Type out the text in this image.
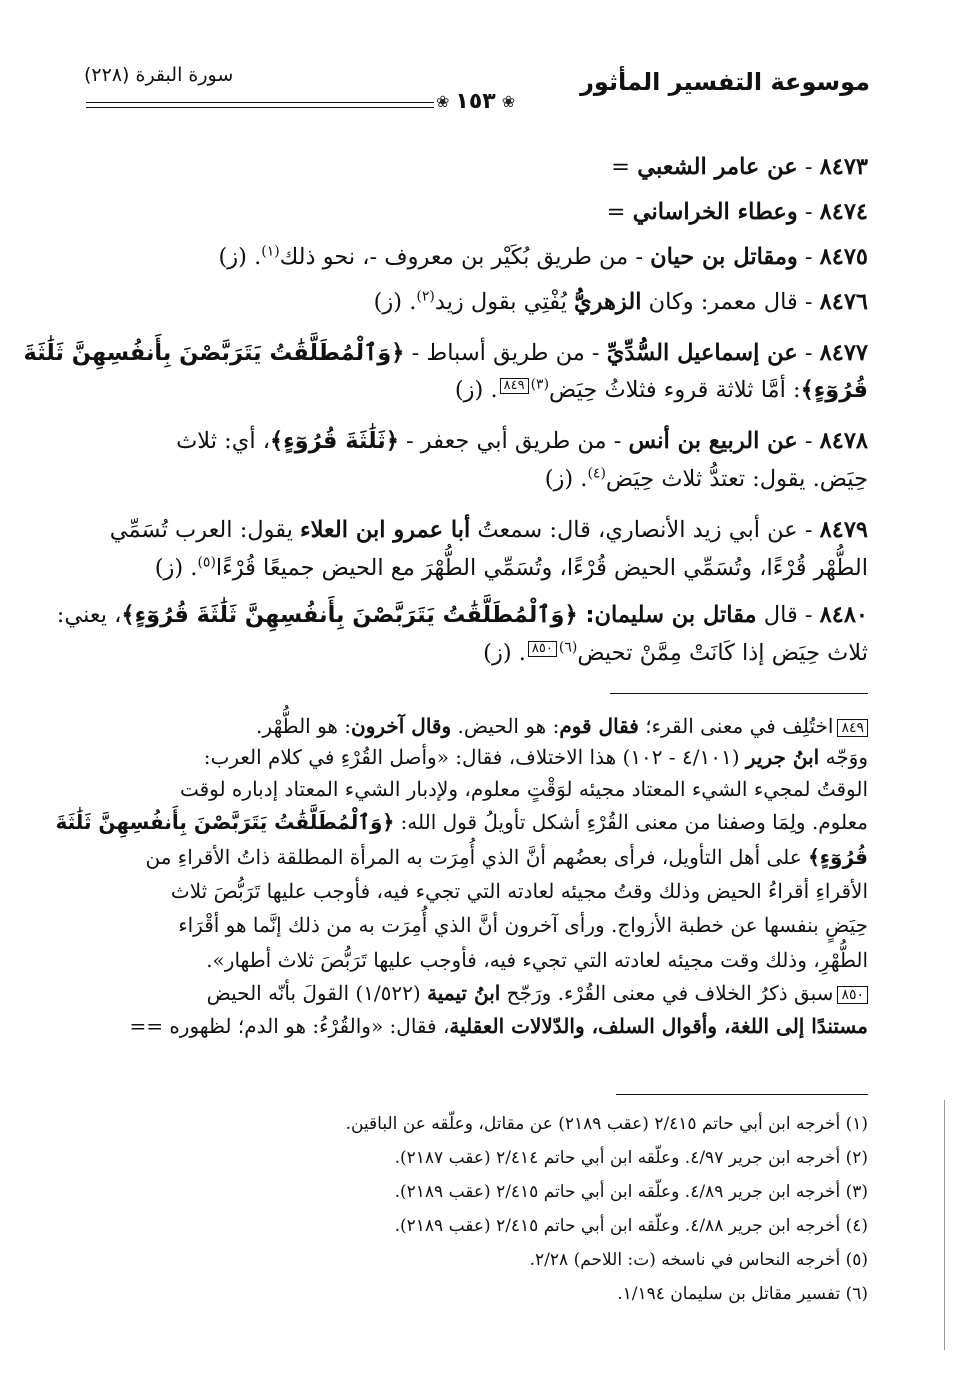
موسوعة التفسير المأثور
سورة البقرة (٢٢٨)
❀ ١٥٣ ❀
٨٤٧٣ - عن عامر الشعبي =
٨٤٧٤ - وعطاء الخراساني =
٨٤٧٥ - ومقاتل بن حيان - من طريق بُكَيْر بن معروف -، نحو ذلك$^{(١)}$. (ز)
٨٤٧٦ - قال معمر: وكان الزهريُّ يُفْتِي بقول زيد$^{(٢)}$. (ز)
٨٤٧٧ - عن إسماعيل السُّدِّيِّ - من طريق أسباط - ﴿وَٱلْمُطَلَّقَٰتُ يَتَرَبَّصْنَ بِأَنفُسِهِنَّ ثَلَٰثَةَ
قُرُوٓءٍ﴾: أمَّا ثلاثة قروء فثلاثُ حِيَض$^{(٣)}$٨٤٩. (ز)
٨٤٧٨ - عن الربيع بن أنس - من طريق أبي جعفر - ﴿ثَلَٰثَةَ قُرُوٓءٍ﴾، أي: ثلاث
حِيَض. يقول: تعتدُّ ثلاث حِيَض$^{(٤)}$. (ز)
٨٤٧٩ - عن أبي زيد الأنصاري، قال: سمعتُ أبا عمرو ابن العلاء يقول: العرب تُسَمِّي
الطُّهْر قُرْءًا، وتُسَمِّي الحيض قُرْءًا، وتُسَمِّي الطُّهْرَ مع الحيض جميعًا قُرْءًا$^{(٥)}$. (ز)
٨٤٨٠ - قال مقاتل بن سليمان: ﴿وَٱلْمُطَلَّقَٰتُ يَتَرَبَّصْنَ بِأَنفُسِهِنَّ ثَلَٰثَةَ قُرُوٓءٍ﴾، يعني:
ثلاث حِيَض إذا كَانَتْ مِمَّنْ تحيض$^{(٦)}$٨٥٠. (ز)
٨٤٩اختُلِف في معنى القرء؛ فقال قوم: هو الحيض. وقال آخرون: هو الطُّهْر.
ووَجّه ابنُ جرير (٤/١٠١ - ١٠٢) هذا الاختلاف، فقال: «وأصل القُرْءِ في كلام العرب:
الوقتُ لمجيء الشيء المعتاد مجيئه لوَقْتٍ معلوم، ولإدبار الشيء المعتاد إدباره لوقت
معلوم. ولِمَا وصفنا من معنى القُرْءِ أشكل تأويلُ قول الله: ﴿وَٱلْمُطَلَّقَٰتُ يَتَرَبَّصْنَ بِأَنفُسِهِنَّ ثَلَٰثَةَ
قُرُوٓءٍ﴾ على أهل التأويل، فرأى بعضُهم أنَّ الذي أُمِرَت به المرأة المطلقة ذاتُ الأقراءِ من
الأقراءِ أقراءُ الحيض وذلك وقتُ مجيئه لعادته التي تجيء فيه، فأوجب عليها تَرَبُّصَ ثلاث
حِيَضٍ بنفسها عن خطبة الأزواج. ورأى آخرون أنَّ الذي أُمِرَت به من ذلك إنَّما هو أقْرَاء
الطُّهْرِ، وذلك وقت مجيئه لعادته التي تجيء فيه، فأوجب عليها تَرَبُّصَ ثلاث أطهار».
٨٥٠سبق ذكرُ الخلاف في معنى القُرْء. ورَجّح ابنُ تيمية (١/٥٢٢) القولَ بأنّه الحيض
مستندًا إلى اللغة، وأقوال السلف، والدّلالات العقلية، فقال: «والقُرْءُ: هو الدم؛ لظهوره ==
(١) أخرجه ابن أبي حاتم ٢/٤١٥ (عقب ٢١٨٩) عن مقاتل، وعلّقه عن الباقين.
(٢) أخرجه ابن جرير ٤/٩٧. وعلّقه ابن أبي حاتم ٢/٤١٤ (عقب ٢١٨٧).
(٣) أخرجه ابن جرير ٤/٨٩. وعلّقه ابن أبي حاتم ٢/٤١٥ (عقب ٢١٨٩).
(٤) أخرجه ابن جرير ٤/٨٨. وعلّقه ابن أبي حاتم ٢/٤١٥ (عقب ٢١٨٩).
(٥) أخرجه النحاس في ناسخه (ت: اللاحم) ٢/٢٨.
(٦) تفسير مقاتل بن سليمان ١/١٩٤.
